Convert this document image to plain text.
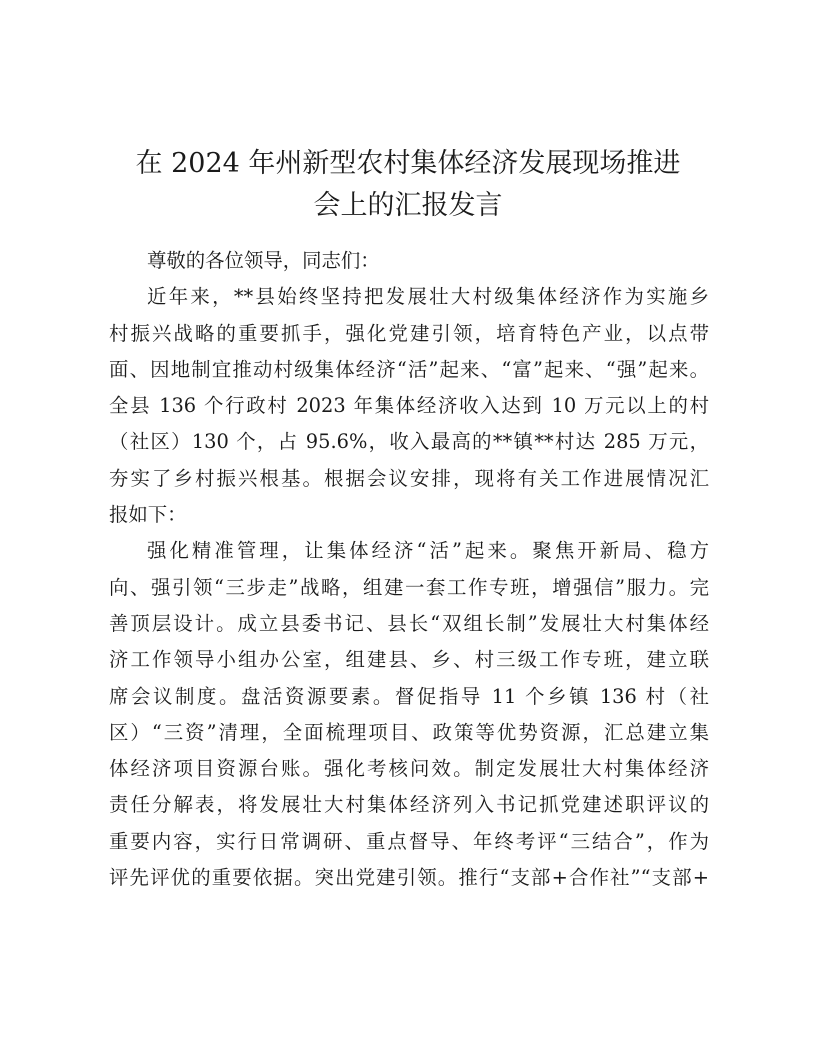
在 2024 年州新型农村集体经济发展现场推进
会上的汇报发言
尊敬的各位领导，同志们：
近年来，**县始终坚持把发展壮大村级集体经济作为实施乡
村振兴战略的重要抓手，强化党建引领，培育特色产业，以点带
面、因地制宜推动村级集体经济“活”起来、“富”起来、“强”起来。
全县 136 个行政村 2023 年集体经济收入达到 10 万元以上的村
（社区）130 个，占 95.6%，收入最高的**镇**村达 285 万元，
夯实了乡村振兴根基。根据会议安排，现将有关工作进展情况汇
报如下：
强化精准管理，让集体经济“活”起来。聚焦开新局、稳方
向、强引领“三步走”战略，组建一套工作专班，增强信”服力。完
善顶层设计。成立县委书记、县长“双组长制”发展壮大村集体经
济工作领导小组办公室，组建县、乡、村三级工作专班，建立联
席会议制度。盘活资源要素。督促指导 11 个乡镇 136 村（社
区）“三资”清理，全面梳理项目、政策等优势资源，汇总建立集
体经济项目资源台账。强化考核问效。制定发展壮大村集体经济
责任分解表，将发展壮大村集体经济列入书记抓党建述职评议的
重要内容，实行日常调研、重点督导、年终考评“三结合”，作为
评先评优的重要依据。突出党建引领。推行“支部+合作社”“支部+
